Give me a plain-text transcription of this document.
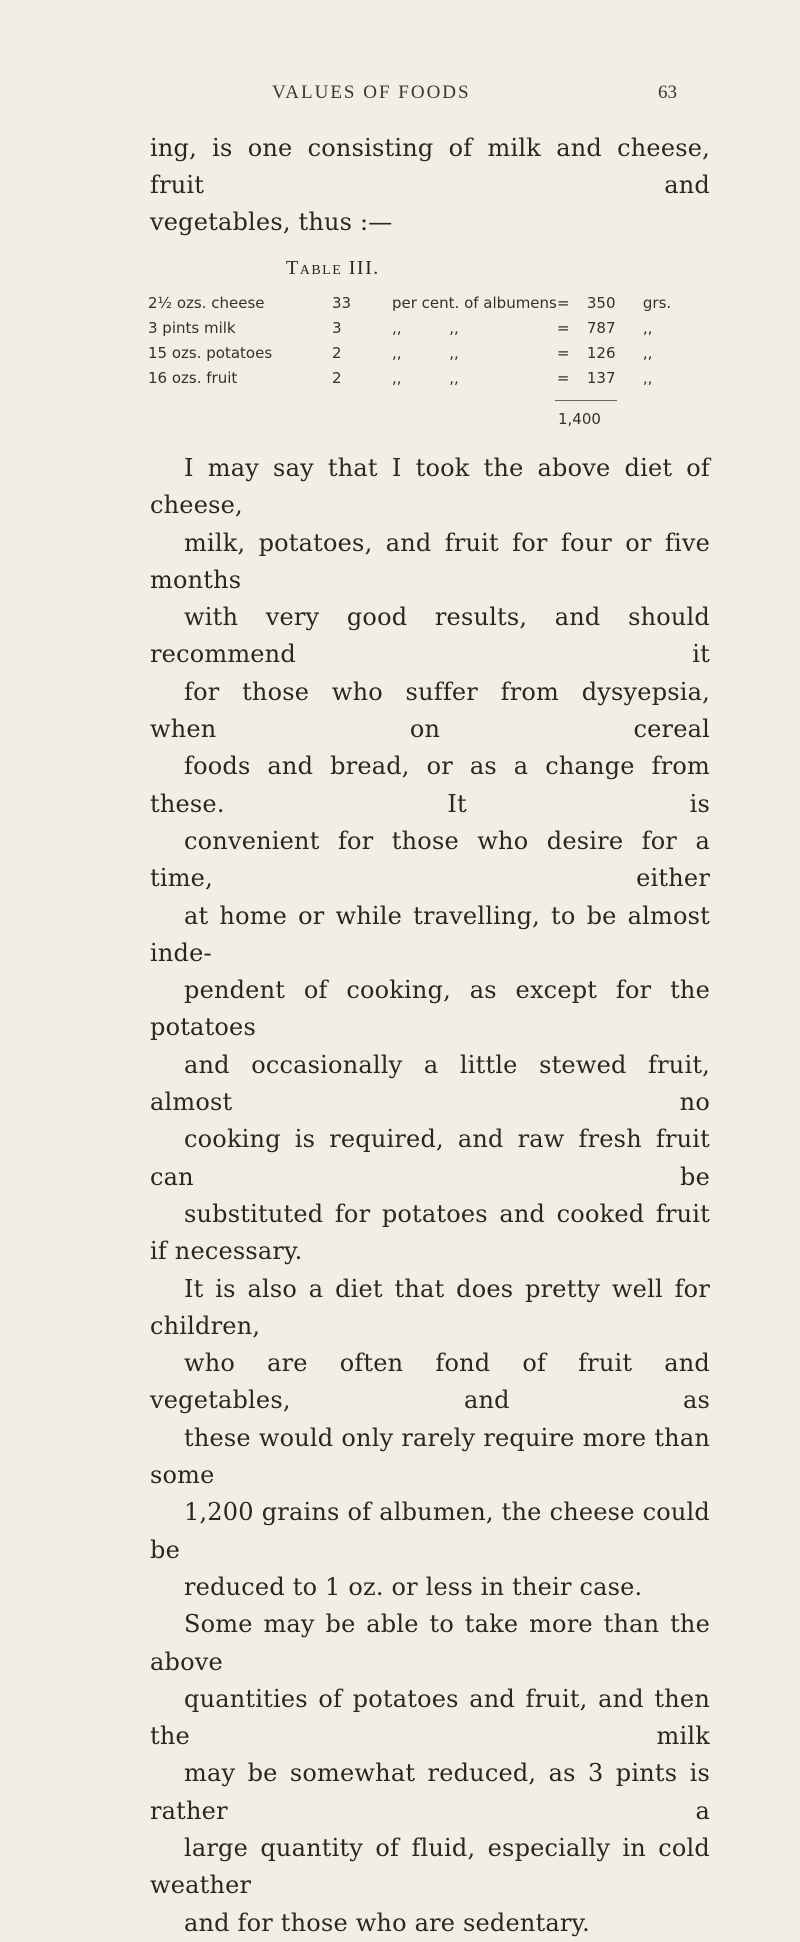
VALUES OF FOODS	63
ing, is one consisting of milk and cheese, fruit and
vegetables, thus :—
Table III.
2½ ozs. cheese	33	per cent. of albumens	=	350	grs.
3 pints milk	3	,,          ,,	=	787	,,
15 ozs. potatoes	2	,,          ,,	=	126	,,
16 ozs. fruit	2	,,          ,,	=	137	,,
1,400

I may say that I took the above diet of cheese,
milk, potatoes, and fruit for four or five months
with very good results, and should recommend it
for those who suffer from dysyepsia, when on cereal
foods and bread, or as a change from these. It is
convenient for those who desire for a time, either
at home or while travelling, to be almost inde-
pendent of cooking, as except for the potatoes
and occasionally a little stewed fruit, almost no
cooking is required, and raw fresh fruit can be
substituted for potatoes and cooked fruit if necessary.

It is also a diet that does pretty well for children,
who are often fond of fruit and vegetables, and as
these would only rarely require more than some
1,200 grains of albumen, the cheese could be
reduced to 1 oz. or less in their case.

Some may be able to take more than the above
quantities of potatoes and fruit, and then the milk
may be somewhat reduced, as 3 pints is rather a
large quantity of fluid, especially in cold weather
and for those who are sedentary.
